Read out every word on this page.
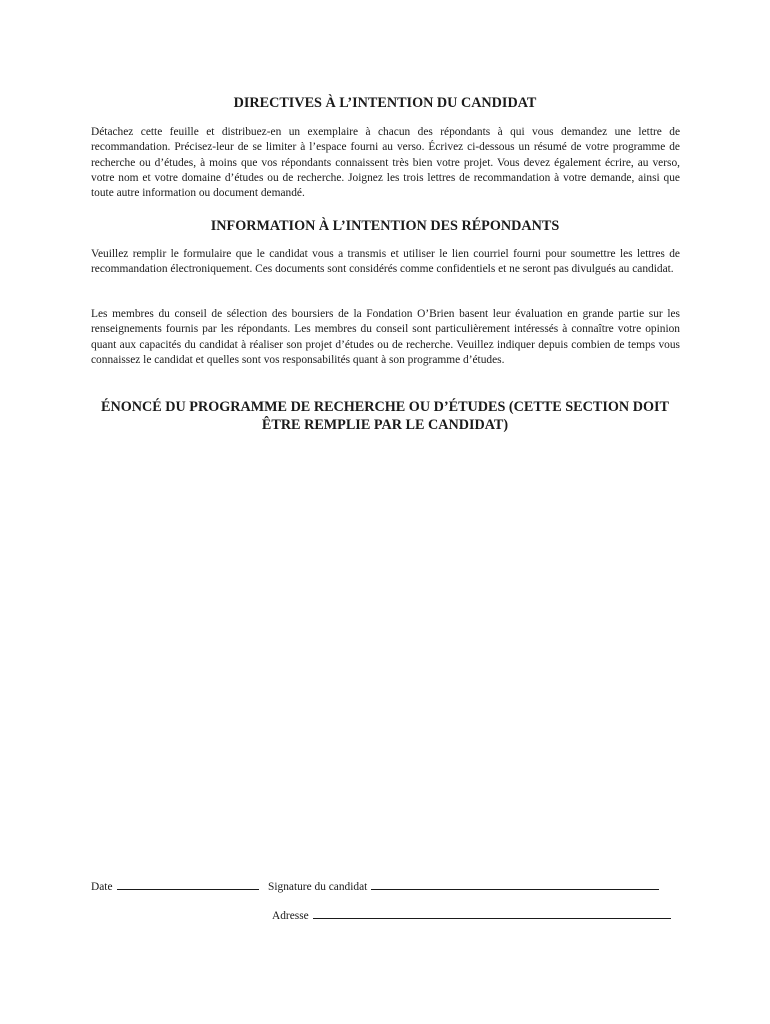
DIRECTIVES À L’INTENTION DU CANDIDAT

Détachez cette feuille et distribuez-en un exemplaire à chacun des répondants à qui vous demandez une lettre de recommandation. Précisez-leur de se limiter à l’espace fourni au verso. Écrivez ci-dessous un résumé de votre programme de recherche ou d’études, à moins que vos répondants connaissent très bien votre projet. Vous devez également écrire, au verso, votre nom et votre domaine d’études ou de recherche. Joignez les trois lettres de recommandation à votre demande, ainsi que toute autre information ou document demandé.

INFORMATION À L’INTENTION DES RÉPONDANTS

Veuillez remplir le formulaire que le candidat vous a transmis et utiliser le lien courriel fourni pour soumettre les lettres de recommandation électroniquement. Ces documents sont considérés comme confidentiels et ne seront pas divulgués au candidat.

Les membres du conseil de sélection des boursiers de la Fondation O’Brien basent leur évaluation en grande partie sur les renseignements fournis par les répondants. Les membres du conseil sont particulièrement intéressés à connaître votre opinion quant aux capacités du candidat à réaliser son projet d’études ou de recherche. Veuillez indiquer depuis combien de temps vous connaissez le candidat et quelles sont vos responsabilités quant à son programme d’études.

ÉNONCÉ DU PROGRAMME DE RECHERCHE OU D’ÉTUDES (CETTE SECTION DOIT ÊTRE REMPLIE PAR LE CANDIDAT)
Date	Signature du candidat
Adresse
